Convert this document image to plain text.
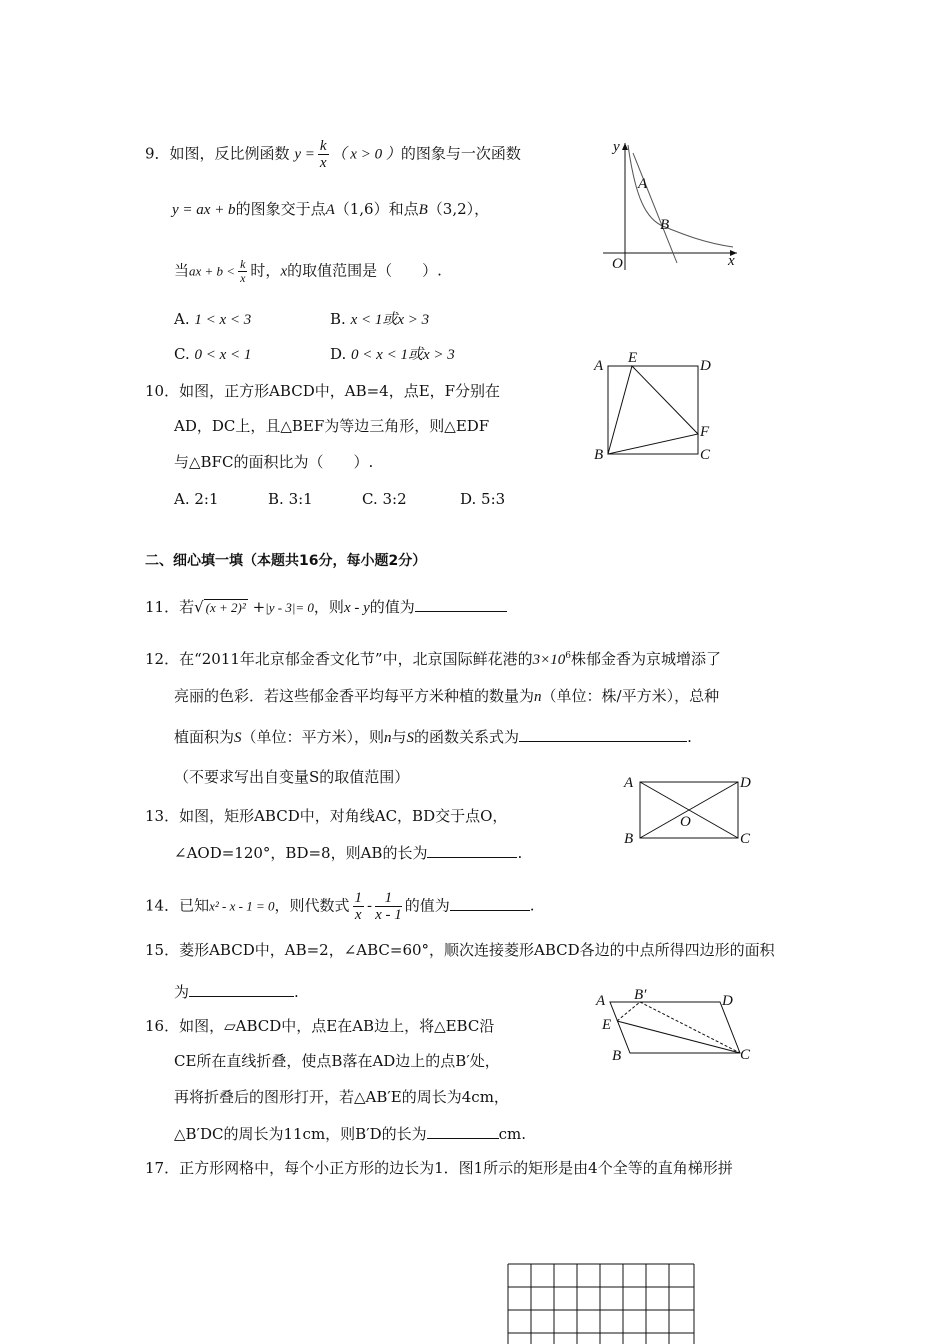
9．如图，反比例函数 $y = \frac{k}{x}$ （ x > 0 ）的图象与一次函数
y = ax + b的图象交于点A（1,6）和点B（3,2），
当ax + $b < \frac{k}{x}$ 时，x的取值范围是（　　）.
A. 1 < x < 3	B. x < 1或x > 3
C. 0 < x < 1	D. 0 < x < 1或x > 3
y
x
O
A
B
10．如图，正方形ABCD中，AB=4，点E，F分别在
AD，DC上，且△BEF为等边三角形，则△EDF
与△BFC的面积比为（　　）.
A. 2:1	B. 3:1	C. 3:2	D. 5:3
A E	D
F
B	C
二、细心填一填（本题共16分，每小题2分）
11．若√ (x + 2)² +|y - 3|= 0，则x - y的值为
12．在“2011年北京郁金香文化节”中，北京国际鲜花港的$3\times 10^6$株郁金香为京城增添了
亮丽的色彩．若这些郁金香平均每平方米种植的数量为n（单位：株/平方米），总种
植面积为S（单位：平方米），则n与S的函数关系式为	.
（不要求写出自变量S的取值范围）
13．如图，矩形ABCD中，对角线AC，BD交于点O，
∠AOD=120°，BD=8，则AB的长为	.
A	D
B	C
O
14．已知x² - x - 1 = 0，则代数式 $\frac{1}{x} - \frac{1}{x - 1}$ 的值为	.
15．菱形ABCD中，AB=2，∠ABC=60°，顺次连接菱形ABCD各边的中点所得四边形的面积
为	.
16．如图，▱ABCD中，点E在AB边上，将△EBC沿
CE所在直线折叠，使点B落在AD边上的点B′处，
再将折叠后的图形打开，若△AB′E的周长为4cm，
△B′DC的周长为11cm，则B′D的长为	cm.
A B′	D
E
B	C
17．正方形网格中，每个小正方形的边长为1．图1所示的矩形是由4个全等的直角梯形拼
